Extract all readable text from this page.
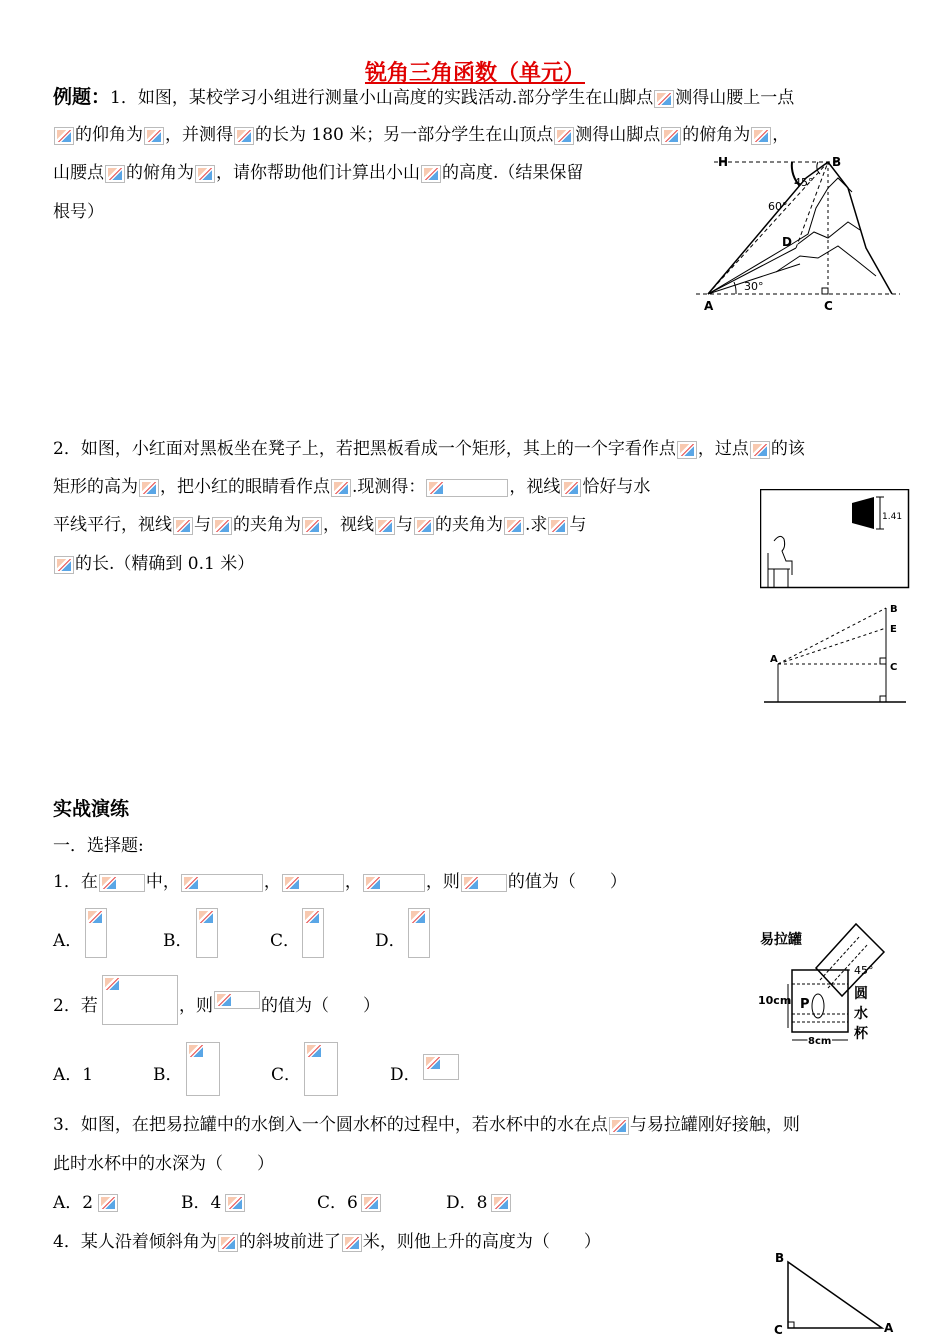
锐角三角函数（单元）
例题：1．如图，某校学习小组进行测量小山高度的实践活动.部分学生在山脚点 测得山腰上一点
的仰角为 ，并测得 的长为 180 米；另一部分学生在山顶点 测得山脚点 的俯角为 ，
山腰点 的俯角为 ，请你帮助他们计算出小山 的高度.（结果保留
根号）
H	B
45°
60°
D
30°
A	C
2．如图，小红面对黑板坐在凳子上，若把黑板看成一个矩形，其上的一个字看作点 ，过点 的该
矩形的高为 ，把小红的眼睛看作点 .现测得：	，视线 恰好与水
平线平行，视线 与 的夹角为 ，视线 与 的夹角为 .求 与
的长.（精确到 0.1 米）
1.41
B
E
A
C
实战演练
一．选择题:
1．在	中，	，	，	，则	的值为（　　）
A．	B．	C．	D．
2．若	，则	的值为（　　）
A．1	B．	C．	D．
易拉罐
45°
10cm P
圆
水
杯
8cm
3．如图，在把易拉罐中的水倒入一个圆水杯的过程中，若水杯中的水在点 与易拉罐刚好接触，则
此时水杯中的水深为（　　）
A．2	B．4	C．6	D．8
4．某人沿着倾斜角为 的斜坡前进了 米，则他上升的高度为（　　）
B
C	A
